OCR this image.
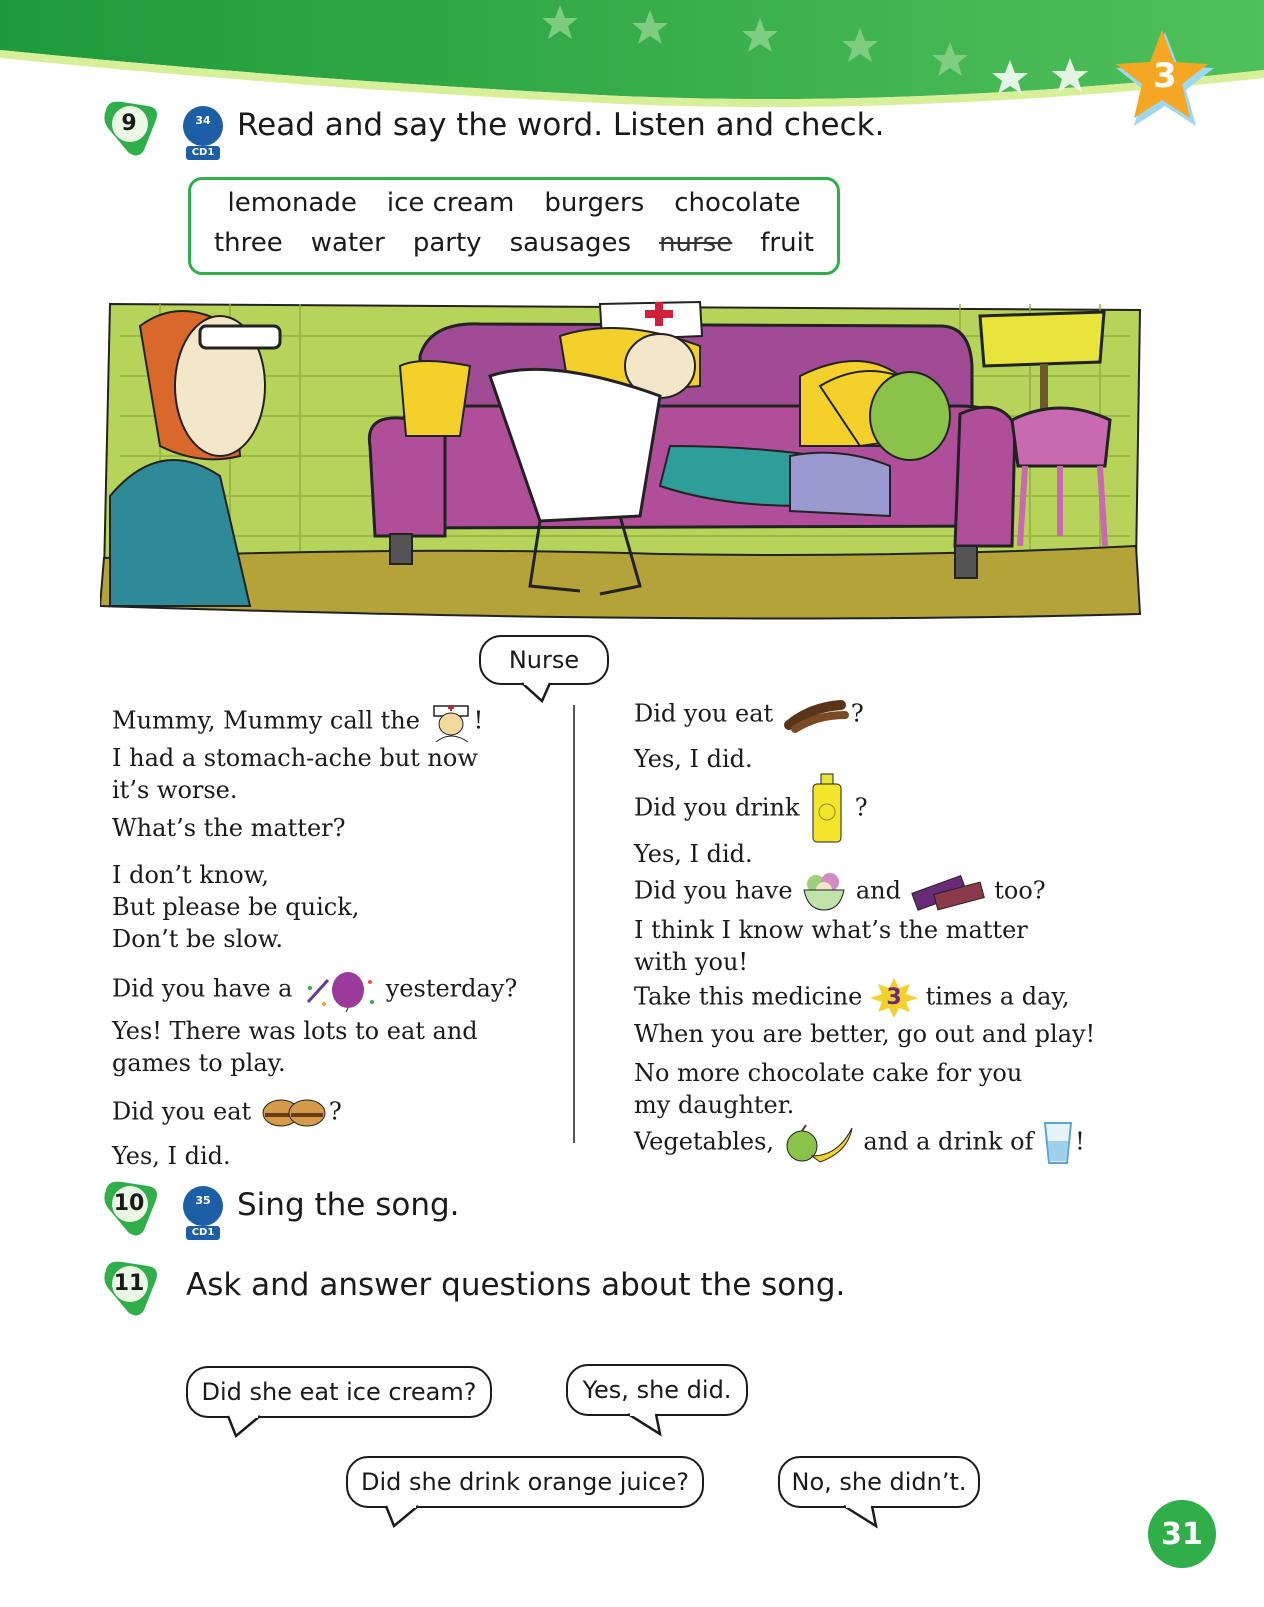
3
9	34
CD1
Read and say the word. Listen and check.
lemonade ice cream burgers chocolate
three water party sausages nurse fruit
Nurse
Mummy, Mummy call the !
I had a stomach-ache but now
it’s worse.
What’s the matter?
I don’t know,
But please be quick,
Don’t be slow.
Did you have a	yesterday?
Yes! There was lots to eat and
games to play.
Did you eat	?
Yes, I did.
Did you eat	?
Yes, I did.
Did you drink ?
Yes, I did.
Did you have	and	too?
I think I know what’s the matter
with you!
Take this medicine	3 times a day,
When you are better, go out and play!
No more chocolate cake for you
my daughter.
Vegetables,	and a drink of !
10	35
CD1
Sing the song.
11	Ask and answer questions about the song.
Did she eat ice cream?	Yes, she did.
Did she drink orange juice?	No, she didn’t.
31
